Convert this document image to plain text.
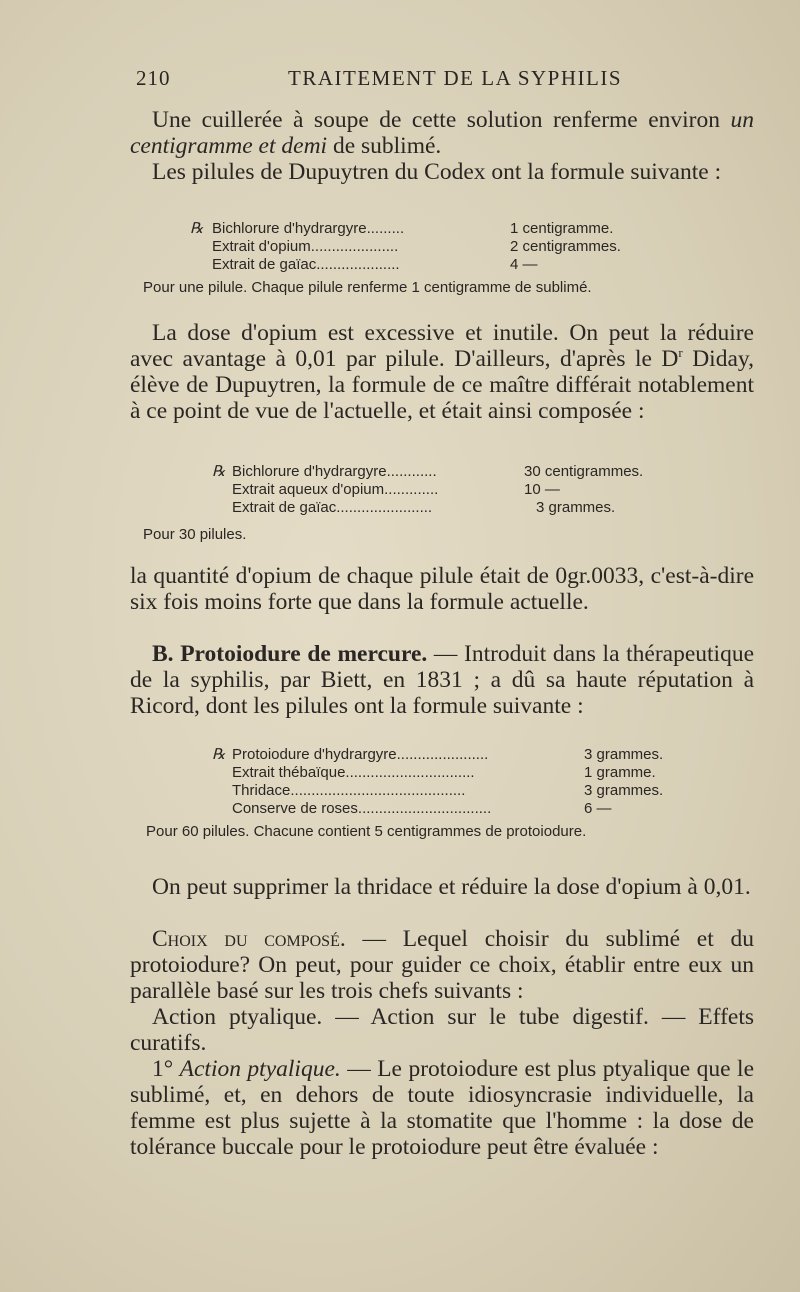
210	TRAITEMENT DE LA SYPHILIS

Une cuillerée à soupe de cette solution renferme environ un centigramme et demi de sublimé.

Les pilules de Dupuytren du Codex ont la formule suivante :

℞ Bichlorure d'hydrargyre.........	1 centigramme.
Extrait d'opium.....................	2 centigrammes.
Extrait de gaïac....................	4 —
Pour une pilule. Chaque pilule renferme 1 centigramme de sublimé.

La dose d'opium est excessive et inutile. On peut la réduire avec avantage à 0,01 par pilule. D'ailleurs, d'après le $D^r$ Diday, élève de Dupuytren, la formule de ce maître différait notablement à ce point de vue de l'actuelle, et était ainsi composée :

℞ Bichlorure d'hydrargyre............	30 centigrammes.
Extrait aqueux d'opium.............	10 —
Extrait de gaïac.......................	3 grammes.
Pour 30 pilules.

la quantité d'opium de chaque pilule était de 0gr.0033, c'est-à-dire six fois moins forte que dans la formule actuelle.

B. Protoiodure de mercure. — Introduit dans la thérapeutique de la syphilis, par Biett, en 1831 ; a dû sa haute réputation à Ricord, dont les pilules ont la formule suivante :

℞ Protoiodure d'hydrargyre......................	3 grammes.
Extrait thébaïque...............................	1 gramme.
Thridace..........................................	3 grammes.
Conserve de roses................................	6 —
Pour 60 pilules. Chacune contient 5 centigrammes de protoiodure.

On peut supprimer la thridace et réduire la dose d'opium à 0,01.

Choix du composé. — Lequel choisir du sublimé et du protoiodure? On peut, pour guider ce choix, établir entre eux un parallèle basé sur les trois chefs suivants :

Action ptyalique. — Action sur le tube digestif. — Effets curatifs.

1° Action ptyalique. — Le protoiodure est plus ptyalique que le sublimé, et, en dehors de toute idiosyncrasie individuelle, la femme est plus sujette à la stomatite que l'homme : la dose de tolérance buccale pour le protoiodure peut être évaluée :
